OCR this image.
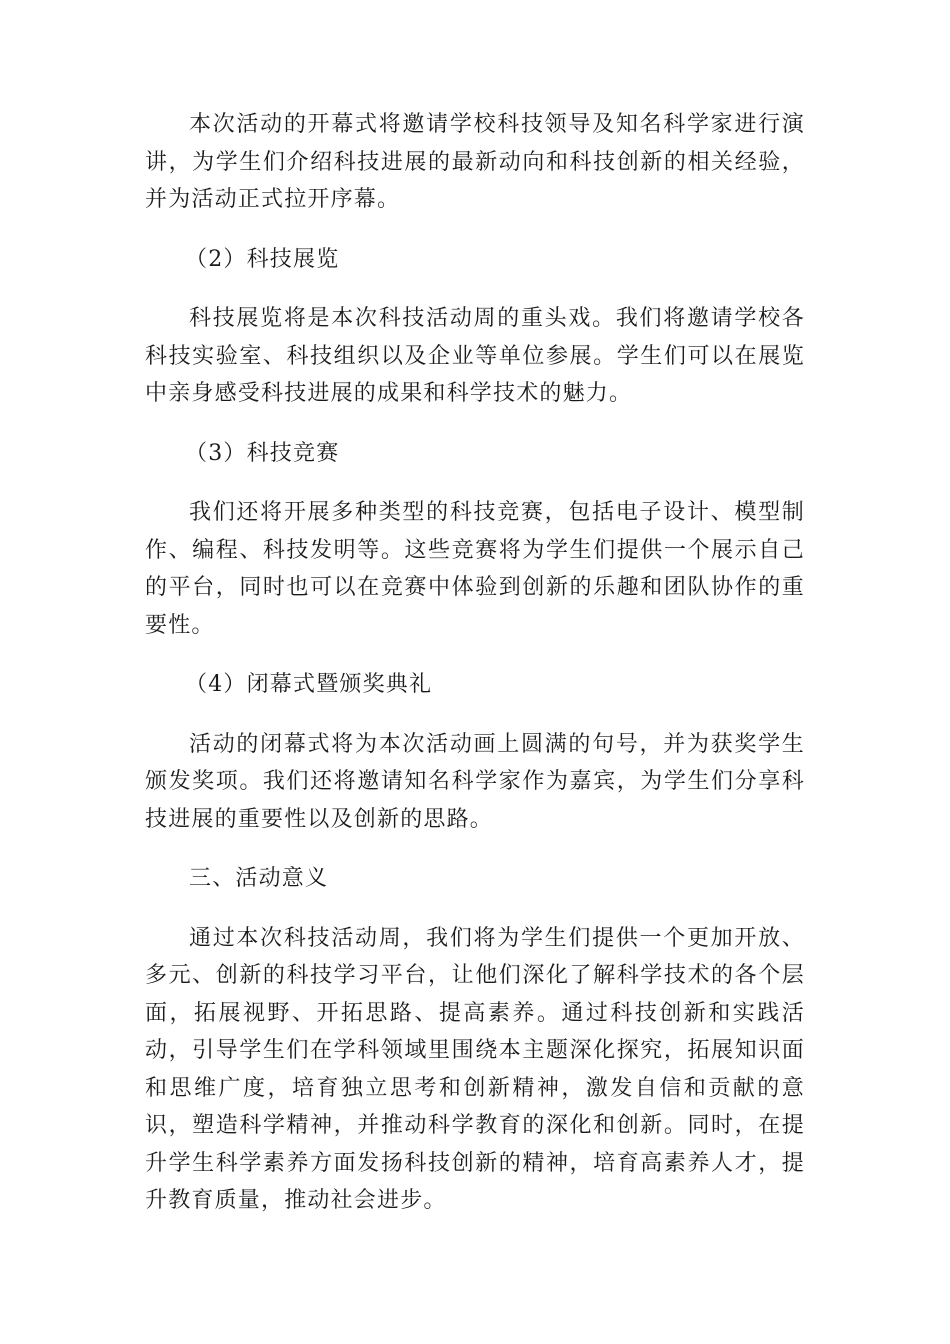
本次活动的开幕式将邀请学校科技领导及知名科学家进行演讲，为学生们介绍科技进展的最新动向和科技创新的相关经验，并为活动正式拉开序幕。

（2）科技展览

科技展览将是本次科技活动周的重头戏。我们将邀请学校各科技实验室、科技组织以及企业等单位参展。学生们可以在展览中亲身感受科技进展的成果和科学技术的魅力。

（3）科技竞赛

我们还将开展多种类型的科技竞赛，包括电子设计、模型制作、编程、科技发明等。这些竞赛将为学生们提供一个展示自己的平台，同时也可以在竞赛中体验到创新的乐趣和团队协作的重要性。

（4）闭幕式暨颁奖典礼

活动的闭幕式将为本次活动画上圆满的句号，并为获奖学生颁发奖项。我们还将邀请知名科学家作为嘉宾，为学生们分享科技进展的重要性以及创新的思路。

三、活动意义

通过本次科技活动周，我们将为学生们提供一个更加开放、多元、创新的科技学习平台，让他们深化了解科学技术的各个层面，拓展视野、开拓思路、提高素养。通过科技创新和实践活动，引导学生们在学科领域里围绕本主题深化探究，拓展知识面和思维广度，培育独立思考和创新精神，激发自信和贡献的意识，塑造科学精神，并推动科学教育的深化和创新。同时，在提升学生科学素养方面发扬科技创新的精神，培育高素养人才，提升教育质量，推动社会进步。
